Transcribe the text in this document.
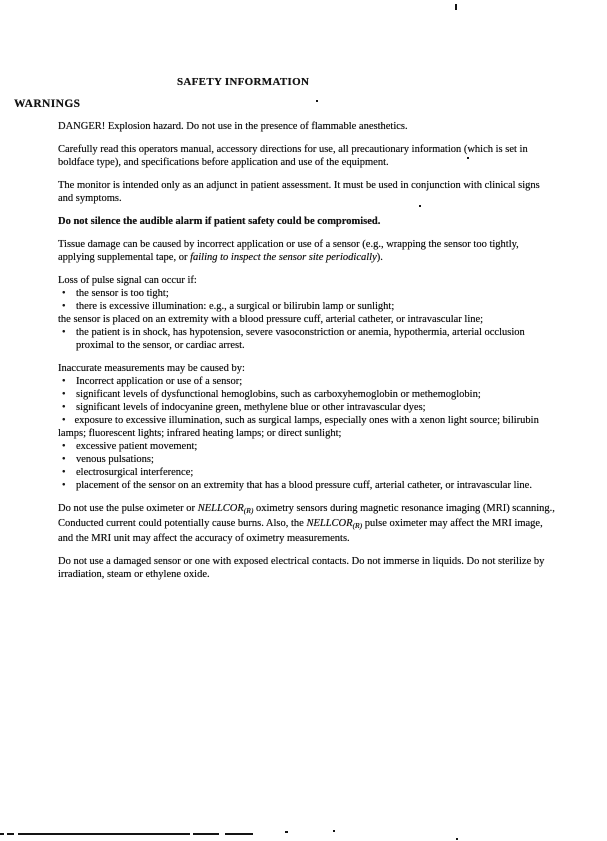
SAFETY INFORMATION
WARNINGS

DANGER! Explosion hazard. Do not use in the presence of flammable anesthetics.

Carefully read this operators manual, accessory directions for use, all precautionary information (which is set in boldface type), and specifications before application and use of the equipment.

The monitor is intended only as an adjunct in patient assessment. It must be used in conjunction with clinical signs and symptoms.

Do not silence the audible alarm if patient safety could be compromised.

Tissue damage can be caused by incorrect application or use of a sensor (e.g., wrapping the sensor too tightly, applying supplemental tape, or failing to inspect the sensor site periodically).

Loss of pulse signal can occur if:
• the sensor is too tight;
• there is excessive illumination: e.g., a surgical or bilirubin lamp or sunlight;
the sensor is placed on an extremity with a blood pressure cuff, arterial catheter, or intravascular line;
• the patient is in shock, has hypotension, severe vasoconstriction or anemia, hypothermia, arterial occlusion proximal to the sensor, or cardiac arrest.
Inaccurate measurements may be caused by:
• Incorrect application or use of a sensor;
• significant levels of dysfunctional hemoglobins, such as carboxyhemoglobin or methemoglobin;
• significant levels of indocyanine green, methylene blue or other intravascular dyes;
• exposure to excessive illumination, such as surgical lamps, especially ones with a xenon light source; bilirubin lamps; fluorescent lights; infrared heating lamps; or direct sunlight;
• excessive patient movement;
• venous pulsations;
• electrosurgical interference;
• placement of the sensor on an extremity that has a blood pressure cuff, arterial catheter, or intravascular line.

Do not use the pulse oximeter or NELLCOR(R) oximetry sensors during magnetic resonance imaging (MRI) scanning., Conducted current could potentially cause burns. Also, the NELLCOR(R) pulse oximeter may affect the MRI image, and the MRI unit may affect the accuracy of oximetry measurements.

Do not use a damaged sensor or one with exposed electrical contacts. Do not immerse in liquids. Do not sterilize by irradiation, steam or ethylene oxide.
